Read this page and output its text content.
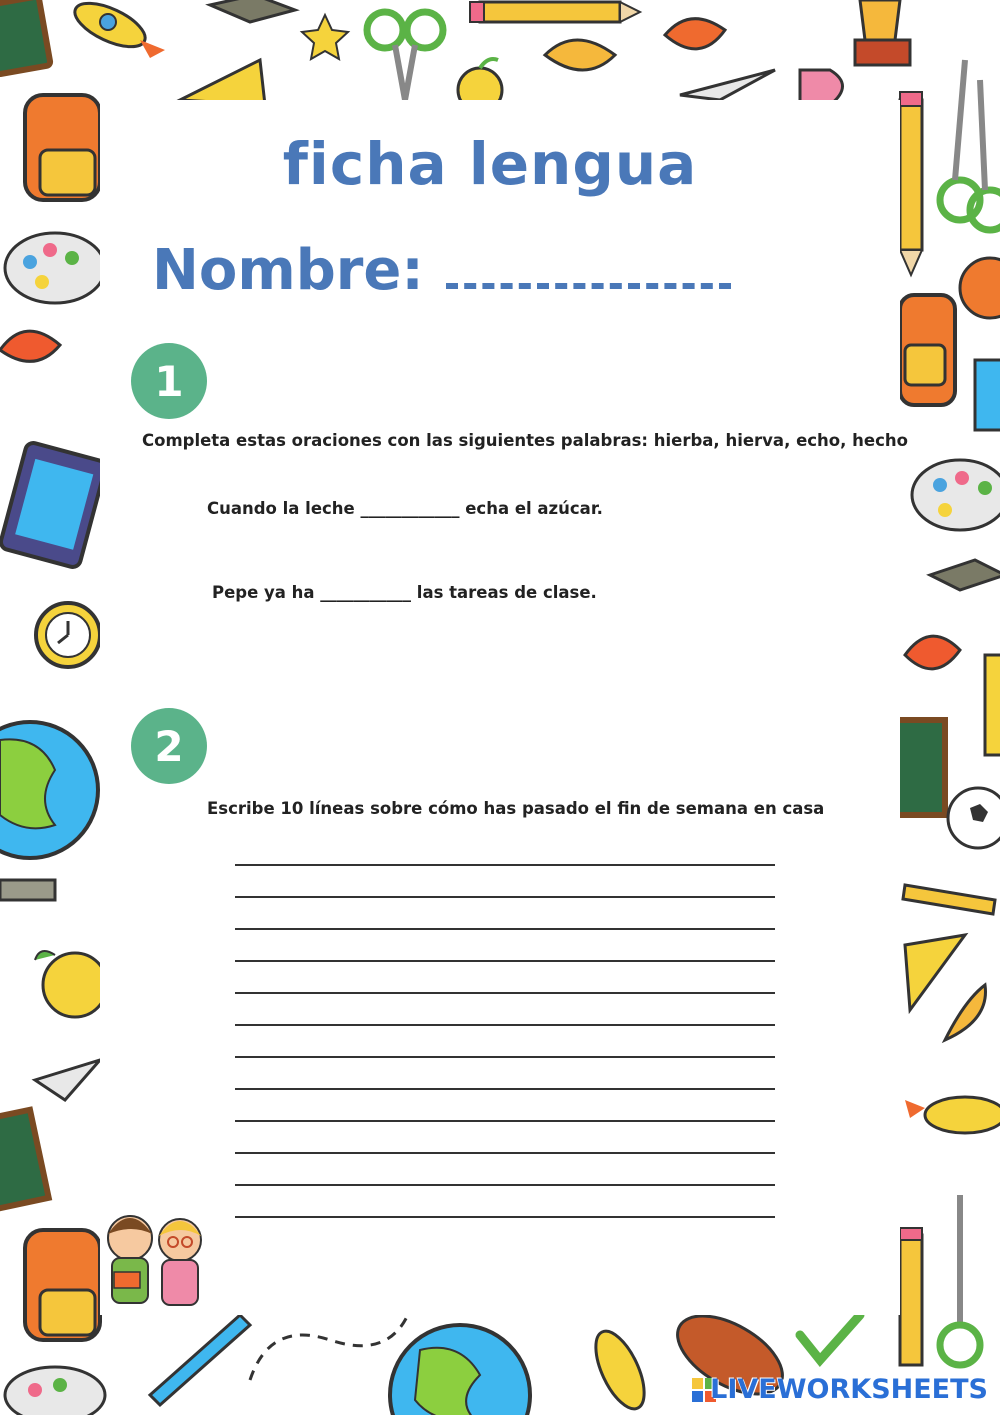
ficha lengua
Nombre:
1
Completa estas oraciones con las siguientes palabras: hierba, hierva, echo, hecho
Cuando la leche ____________ echa el azúcar.
Pepe ya ha ___________ las tareas de clase.
2
Escribe 10 líneas sobre cómo has pasado el fin de semana en casa
LIVEWORKSHEETS
